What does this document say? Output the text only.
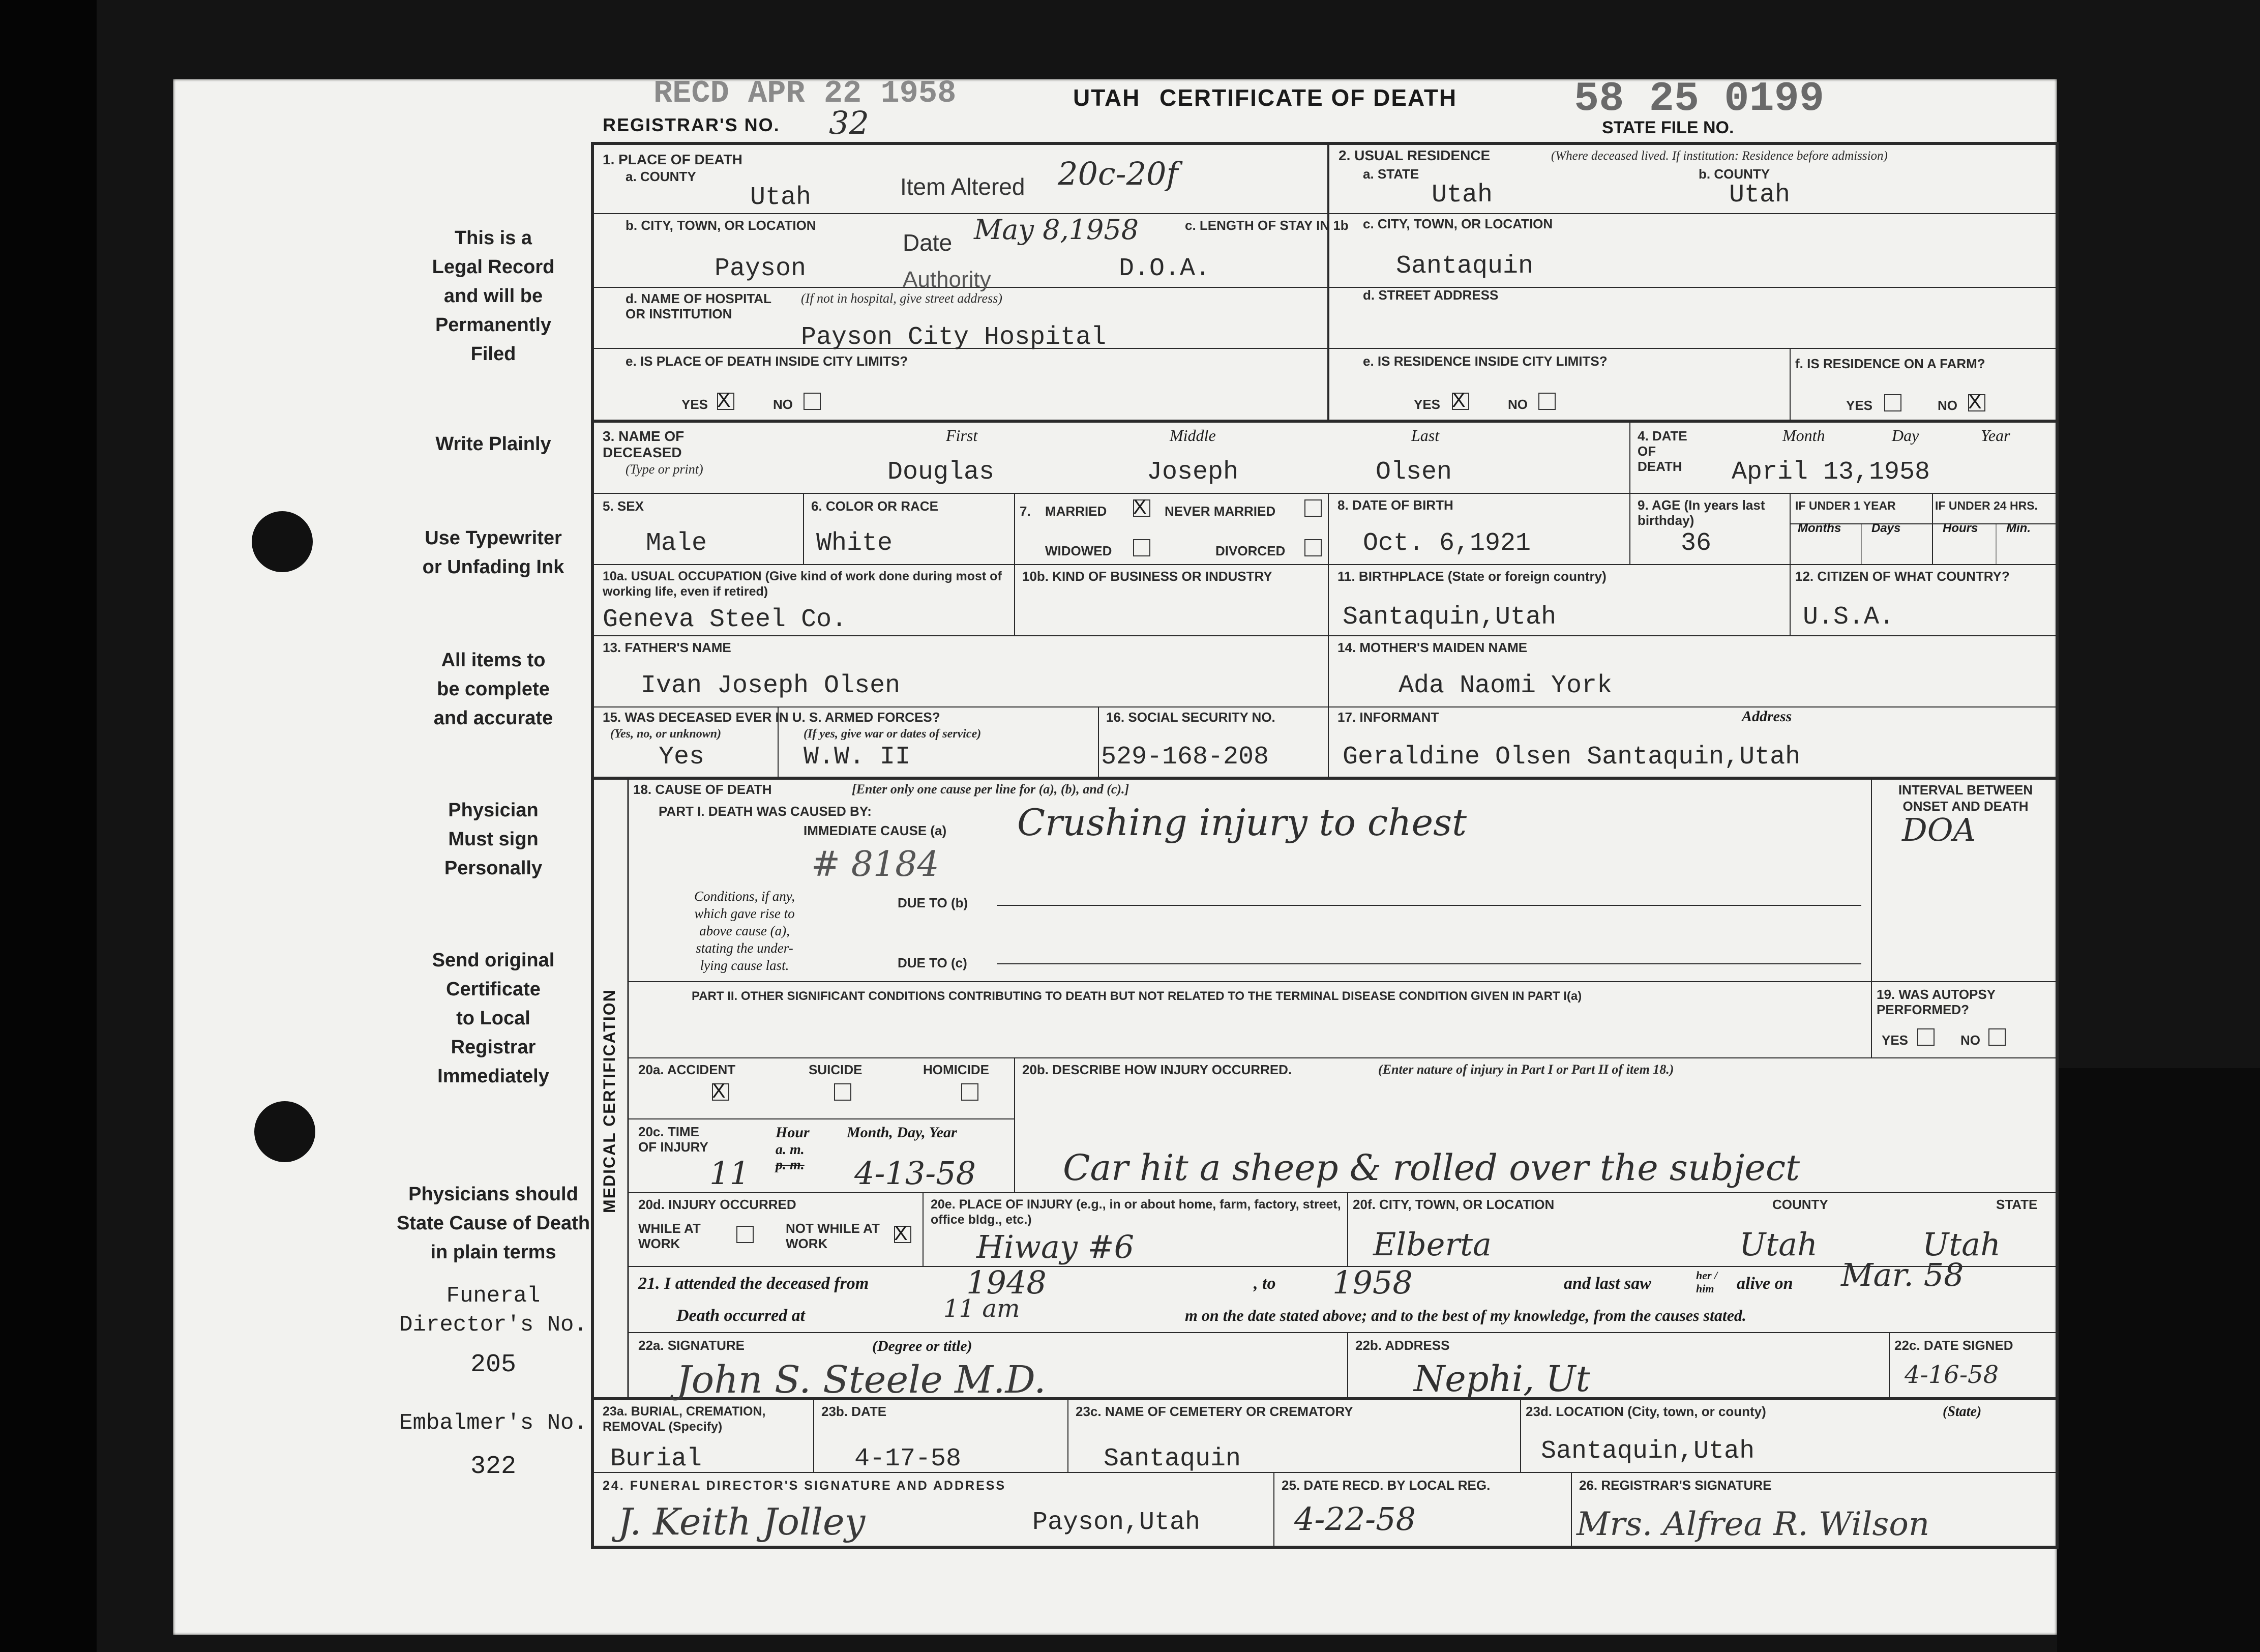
RECD APR 22 1958
REGISTRAR'S NO. 32
UTAH CERTIFICATE OF DEATH	58 25 0199
STATE FILE NO.
This is a
Legal Record
and will be
Permanently
Filed
Write Plainly
Use Typewriter
or Unfading Ink
All items to
be complete
and accurate
Physician
Must sign
Personally
Send original
Certificate
to Local
Registrar
Immediately
Physicians should
State Cause of Death
in plain terms
Funeral
Director's No.
205
Embalmer's No.
322
1. PLACE OF DEATH
a. COUNTY
Utah	Item Altered 20c-20f
b. CITY, TOWN, OR LOCATION	c. LENGTH OF STAY IN 1b
Date May 8,1958
Payson	Authority	D.O.A.
d. NAME OF HOSPITAL OR INSTITUTION
(If not in hospital, give street address)
Payson City Hospital
e. IS PLACE OF DEATH INSIDE CITY LIMITS?
YES X	NO
2. USUAL RESIDENCE	(Where deceased lived. If institution: Residence before admission)
a. STATE	b. COUNTY
Utah	Utah
c. CITY, TOWN, OR LOCATION
Santaquin
d. STREET ADDRESS
e. IS RESIDENCE INSIDE CITY LIMITS?
YES X	NO
f. IS RESIDENCE ON A FARM?
YES	NO X
3. NAME OF DECEASED
(Type or print)
First	Middle	Last
Douglas	Joseph	Olsen
4. DATE OF DEATH
Month	Day	Year
April 13,1958
5. SEX
Male
6. COLOR OR RACE
White
7. MARRIED X NEVER MARRIED
WIDOWED	DIVORCED
8. DATE OF BIRTH
Oct. 6,1921
9. AGE (In years last birthday)
36
IF UNDER 1 YEAR	IF UNDER 24 HRS.
Months Days	Hours Min.
10a. USUAL OCCUPATION (Give kind of work done during most of working life, even if retired)
Geneva Steel Co.
10b. KIND OF BUSINESS OR INDUSTRY	11. BIRTHPLACE (State or foreign country)
Santaquin,Utah
12. CITIZEN OF WHAT COUNTRY?
U.S.A.
13. FATHER'S NAME
Ivan Joseph Olsen
14. MOTHER'S MAIDEN NAME
Ada Naomi York
15. WAS DECEASED EVER IN U. S. ARMED FORCES?
(Yes, no, or unknown)	(If yes, give war or dates of service)
Yes	W.W. II
16. SOCIAL SECURITY NO.
529-168-208
17. INFORMANT	Address
Geraldine Olsen Santaquin,Utah
MEDICAL CERTIFICATION
18. CAUSE OF DEATH	[Enter only one cause per line for (a), (b), and (c).]
PART I. DEATH WAS CAUSED BY:
IMMEDIATE CAUSE (a) Crushing injury to chest
# 8184
Conditions, if any,
which gave rise to
above cause (a),
stating the under-
lying cause last.
DUE TO (b)
DUE TO (c)
INTERVAL BETWEEN ONSET AND DEATH
DOA
PART II. OTHER SIGNIFICANT CONDITIONS CONTRIBUTING TO DEATH BUT NOT RELATED TO THE TERMINAL DISEASE CONDITION GIVEN IN PART I(a)	19. WAS AUTOPSY PERFORMED?
YES	NO
20a. ACCIDENT
X
SUICIDE	HOMICIDE	20b. DESCRIBE HOW INJURY OCCURRED.	(Enter nature of injury in Part I or Part II of item 18.)
Car hit a sheep & rolled over the subject
20c. TIME OF INJURY
Hour
a. m.
p. m.
Month, Day, Year
11	4-13-58
20d. INJURY OCCURRED
WHILE AT WORK
NOT WHILE AT WORK	X
20e. PLACE OF INJURY (e.g., in or about home, farm, factory, street, office bldg., etc.)
Hiway #6
20f. CITY, TOWN, OR LOCATION	COUNTY	STATE
Elberta	Utah	Utah
21. I attended the deceased from	1948	, to 1958	and last saw	her / him	alive on Mar. 58
Death occurred at	11 am	m on the date stated above; and to the best of my knowledge, from the causes stated.
22a. SIGNATURE	(Degree or title)
John S. Steele M.D.
22b. ADDRESS
Nephi, Ut
22c. DATE SIGNED
4-16-58
23a. BURIAL, CREMATION, REMOVAL (Specify)
Burial
23b. DATE
4-17-58
23c. NAME OF CEMETERY OR CREMATORY
Santaquin
23d. LOCATION (City, town, or county)	(State)
Santaquin,Utah
24. FUNERAL DIRECTOR'S SIGNATURE AND ADDRESS
J. Keith Jolley	Payson,Utah
25. DATE RECD. BY LOCAL REG.
4-22-58
26. REGISTRAR'S SIGNATURE
Mrs. Alfrea R. Wilson
